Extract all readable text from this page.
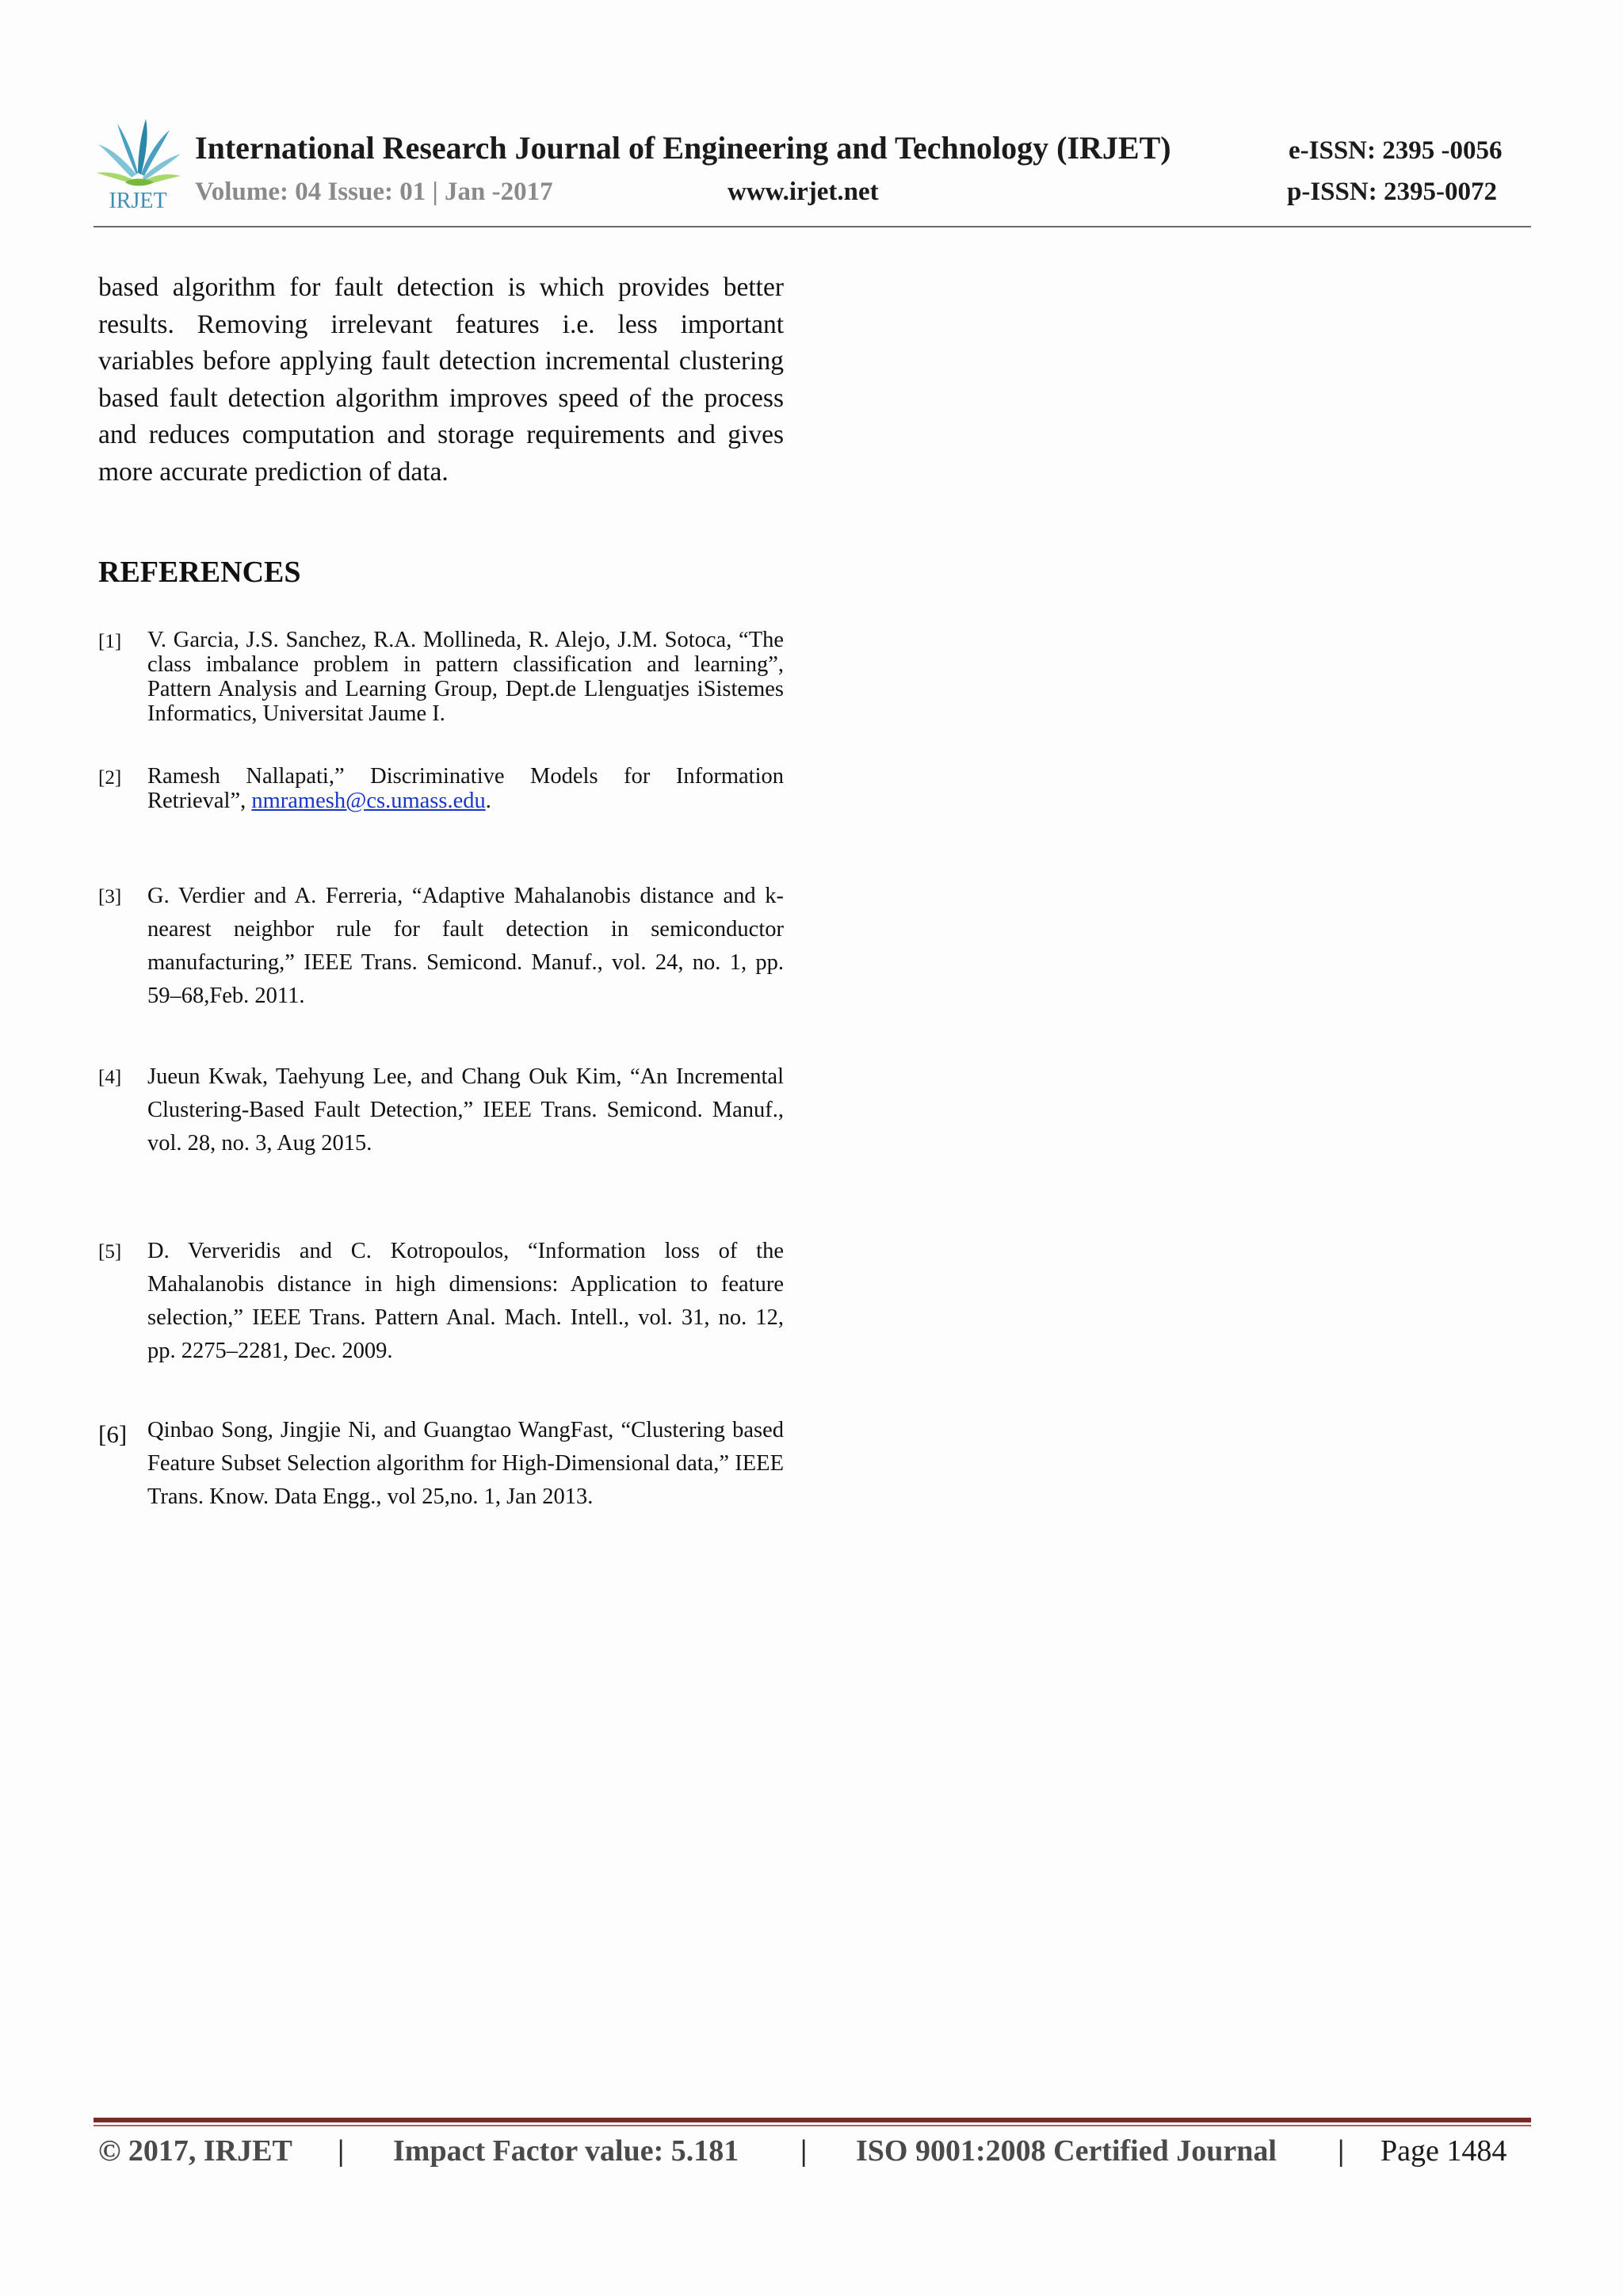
IRJET
International Research Journal of Engineering and Technology (IRJET)	e-ISSN: 2395 -0056
Volume: 04 Issue: 01 | Jan -2017	www.irjet.net	p-ISSN: 2395-0072
based algorithm for fault detection is which provides better results. Removing irrelevant features i.e. less important variables before applying fault detection incremental clustering based fault detection algorithm improves speed of the process and reduces computation and storage requirements and gives more accurate prediction of data.
REFERENCES
[1] V. Garcia, J.S. Sanchez, R.A. Mollineda, R. Alejo, J.M. Sotoca, “The class imbalance problem in pattern classification and learning”, Pattern Analysis and Learning Group, Dept.de Llenguatjes iSistemes Informatics, Universitat Jaume I.
[2] Ramesh Nallapati,” Discriminative Models for Information Retrieval”, nmramesh@cs.umass.edu.
[3] G. Verdier and A. Ferreria, “Adaptive Mahalanobis distance and k-nearest neighbor rule for fault detection in semiconductor manufacturing,” IEEE Trans. Semicond. Manuf., vol. 24, no. 1, pp. 59–68,Feb. 2011.
[4] Jueun Kwak, Taehyung Lee, and Chang Ouk Kim, “An Incremental Clustering-Based Fault Detection,” IEEE Trans. Semicond. Manuf., vol. 28, no. 3, Aug 2015.
[5] D. Ververidis and C. Kotropoulos, “Information loss of the Mahalanobis distance in high dimensions: Application to feature selection,” IEEE Trans. Pattern Anal. Mach. Intell., vol. 31, no. 12, pp. 2275–2281, Dec. 2009.
[6] Qinbao Song, Jingjie Ni, and Guangtao WangFast, “Clustering based Feature Subset Selection algorithm for High-Dimensional data,” IEEE Trans. Know. Data Engg., vol 25,no. 1, Jan 2013.
© 2017, IRJET | Impact Factor value: 5.181 | ISO 9001:2008 Certified Journal | Page 1484
